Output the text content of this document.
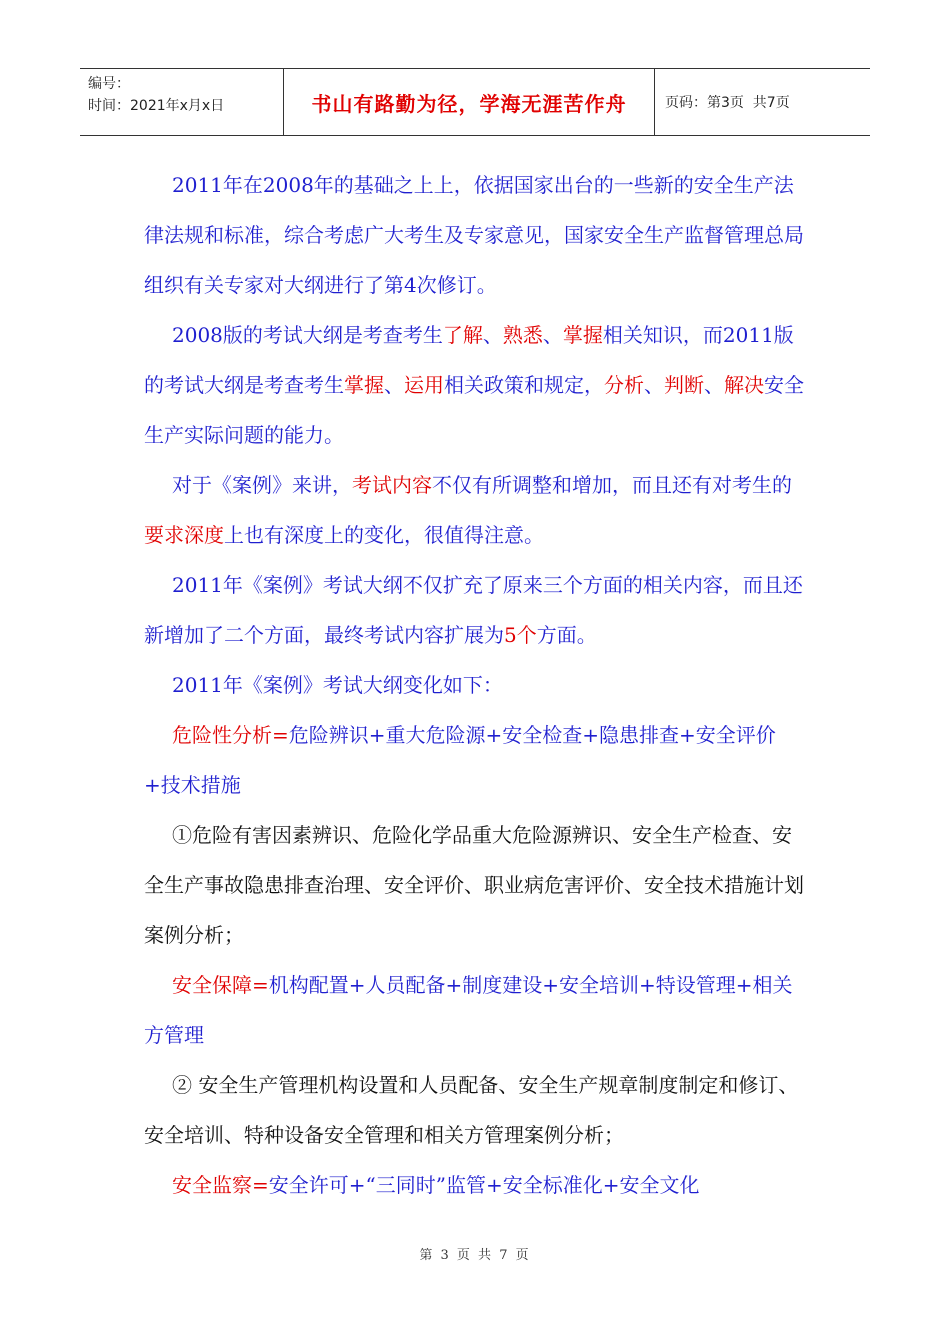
编号：
时间：2021年x月x日	书山有路勤为径，学海无涯苦作舟	页码：第3页  共7页

2011年在2008年的基础之上上，依据国家出台的一些新的安全生产法律法规和标准，综合考虑广大考生及专家意见，国家安全生产监督管理总局组织有关专家对大纲进行了第4次修订。

2008版的考试大纲是考查考生了解、熟悉、掌握相关知识，而2011版的考试大纲是考查考生掌握、运用相关政策和规定，分析、判断、解决安全生产实际问题的能力。

对于《案例》来讲，考试内容不仅有所调整和增加，而且还有对考生的要求深度上也有深度上的变化，很值得注意。

2011年《案例》考试大纲不仅扩充了原来三个方面的相关内容，而且还新增加了二个方面，最终考试内容扩展为5个方面。

2011年《案例》考试大纲变化如下：

危险性分析=危险辨识+重大危险源+安全检查+隐患排查+安全评价+技术措施

①危险有害因素辨识、危险化学品重大危险源辨识、安全生产检查、安全生产事故隐患排查治理、安全评价、职业病危害评价、安全技术措施计划案例分析；

安全保障=机构配置+人员配备+制度建设+安全培训+特设管理+相关方管理

② 安全生产管理机构设置和人员配备、安全生产规章制度制定和修订、安全培训、特种设备安全管理和相关方管理案例分析；

安全监察=安全许可+“三同时”监管+安全标准化+安全文化

第 3 页 共 7 页
